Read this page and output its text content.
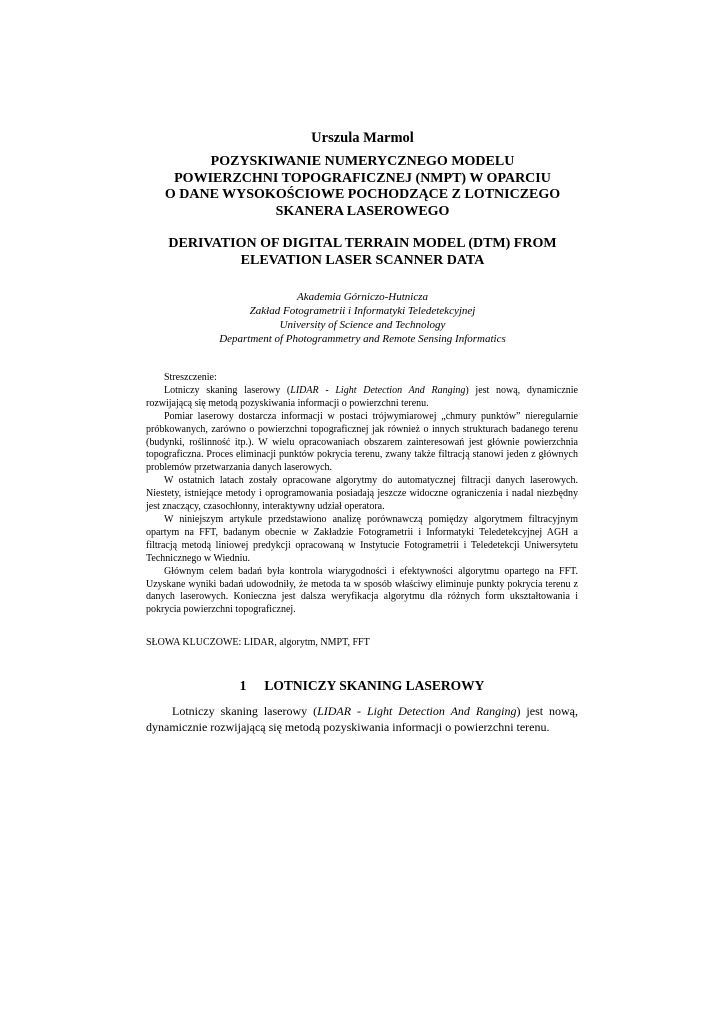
Urszula Marmol
POZYSKIWANIE NUMERYCZNEGO MODELU
POWIERZCHNI TOPOGRAFICZNEJ (NMPT) W OPARCIU
O DANE WYSOKOŚCIOWE POCHODZĄCE Z LOTNICZEGO
SKANERA LASEROWEGO
DERIVATION OF DIGITAL TERRAIN MODEL (DTM) FROM
ELEVATION LASER SCANNER DATA
Akademia Górniczo-Hutnicza
Zakład Fotogrametrii i Informatyki Teledetekcyjnej
University of Science and Technology
Department of Photogrammetry and Remote Sensing Informatics

Streszczenie:

Lotniczy skaning laserowy (LIDAR - Light Detection And Ranging) jest nową, dynamicznie rozwijającą się metodą pozyskiwania informacji o powierzchni terenu.

Pomiar laserowy dostarcza informacji w postaci trójwymiarowej „chmury punktów” nieregularnie próbkowanych, zarówno o powierzchni topograficznej jak również o innych strukturach badanego terenu (budynki, roślinność itp.). W wielu opracowaniach obszarem zainteresowań jest głównie powierzchnia topograficzna. Proces eliminacji punktów pokrycia terenu, zwany także filtracją stanowi jeden z głównych problemów przetwarzania danych laserowych.

W ostatnich latach zostały opracowane algorytmy do automatycznej filtracji danych laserowych. Niestety, istniejące metody i oprogramowania posiadają jeszcze widoczne ograniczenia i nadal niezbędny jest znaczący, czasochłonny, interaktywny udział operatora.

W niniejszym artykule przedstawiono analizę porównawczą pomiędzy algorytmem filtracyjnym opartym na FFT, badanym obecnie w Zakładzie Fotogrametrii i Informatyki Teledetekcyjnej AGH a filtracją metodą liniowej predykcji opracowaną w Instytucie Fotogrametrii i Teledetekcji Uniwersytetu Technicznego w Wiedniu.

Głównym celem badań była kontrola wiarygodności i efektywności algorytmu opartego na FFT. Uzyskane wyniki badań udowodniły, że metoda ta w sposób właściwy eliminuje punkty pokrycia terenu z danych laserowych. Konieczna jest dalsza weryfikacja algorytmu dla różnych form ukształtowania i pokrycia powierzchni topograficznej.

SŁOWA KLUCZOWE: LIDAR, algorytm, NMPT, FFT
1 LOTNICZY SKANING LASEROWY

Lotniczy skaning laserowy (LIDAR - Light Detection And Ranging) jest nową, dynamicznie rozwijającą się metodą pozyskiwania informacji o powierzchni terenu.
